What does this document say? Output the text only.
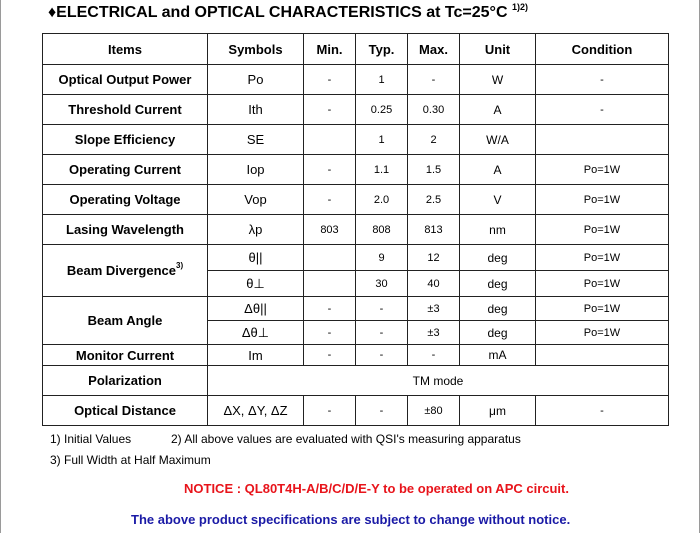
♦ELECTRICAL and OPTICAL CHARACTERISTICS at Tc=25°C $^{1)2)}$
Items	Symbols	Min.	Typ.	Max.	Unit	Condition
Optical Output Power	Po	-	1	-	W	-
Threshold Current	Ith	-	0.25	0.30	A	-
Slope Efficiency	SE		1	2	W/A	
Operating Current	Iop	-	1.1	1.5	A	Po=1W
Operating Voltage	Vop	-	2.0	2.5	V	Po=1W
Lasing Wavelength	λp	803	808	813	nm	Po=1W
Beam Divergence$^{3)}$	θ||		9	12	deg	Po=1W
	θ⊥		30	40	deg	Po=1W
Beam Angle	Δθ||	-	-	±3	deg	Po=1W
	Δθ⊥	-	-	±3	deg	Po=1W
Monitor Current	Im	-	-	-	mA	
Polarization	TM mode					
Optical Distance	ΔX, ΔY, ΔZ	-	-	±80	μm	-
1) Initial Values	2) All above values are evaluated with QSI's measuring apparatus
3) Full Width at Half Maximum
NOTICE : QL80T4H-A/B/C/D/E-Y to be operated on APC circuit.
The above product specifications are subject to change without notice.
